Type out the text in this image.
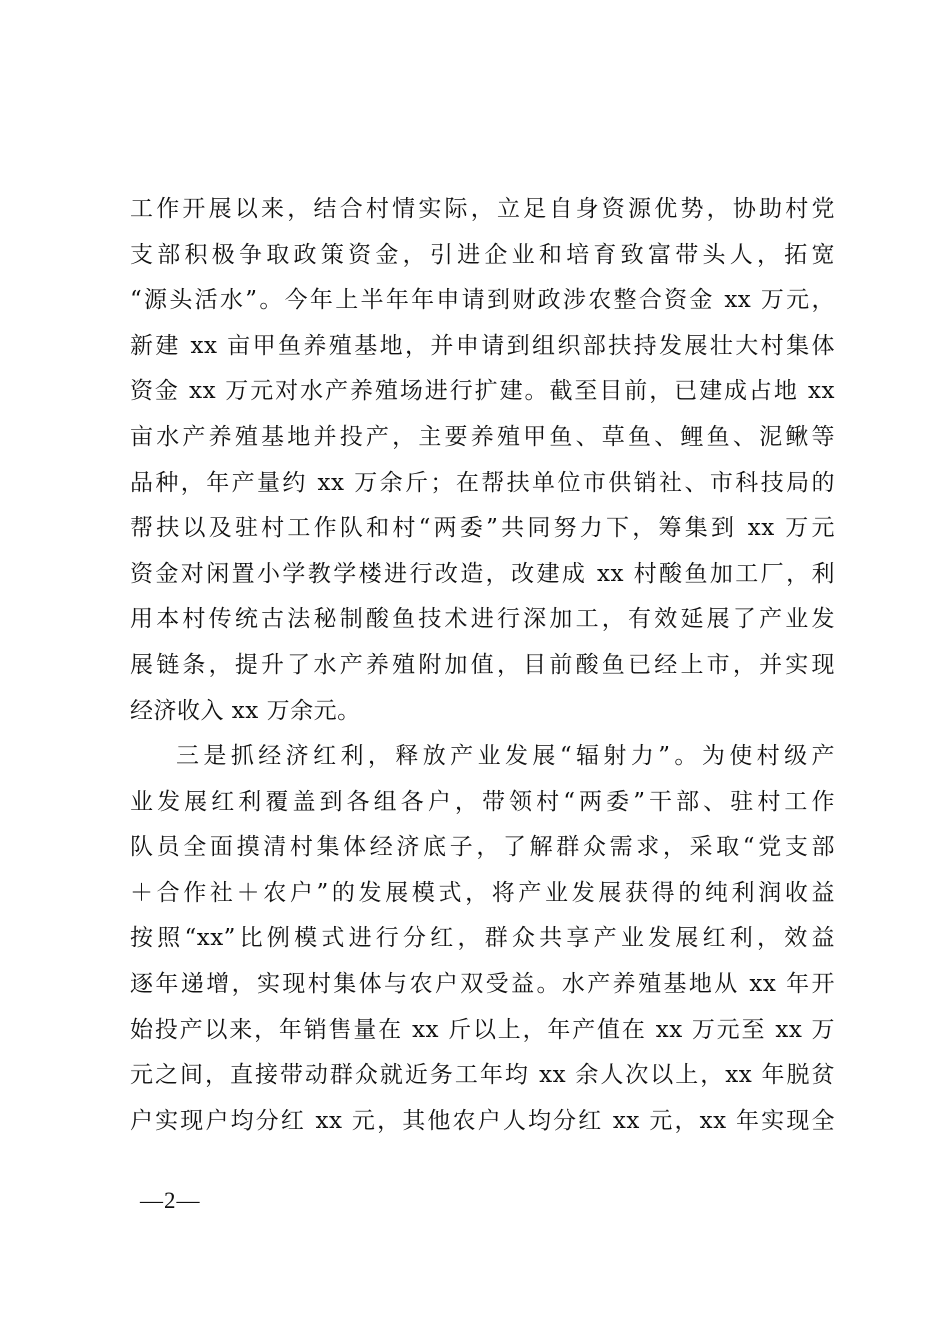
工作开展以来，结合村情实际，立足自身资源优势，协助村党
支部积极争取政策资金，引进企业和培育致富带头人，拓宽
“源头活水”。今年上半年年申请到财政涉农整合资金 xx 万元，
新建 xx 亩甲鱼养殖基地，并申请到组织部扶持发展壮大村集体
资金 xx 万元对水产养殖场进行扩建。截至目前，已建成占地 xx
亩水产养殖基地并投产，主要养殖甲鱼、草鱼、鲤鱼、泥鳅等
品种，年产量约 xx 万余斤；在帮扶单位市供销社、市科技局的
帮扶以及驻村工作队和村“两委”共同努力下，筹集到 xx 万元
资金对闲置小学教学楼进行改造，改建成 xx 村酸鱼加工厂，利
用本村传统古法秘制酸鱼技术进行深加工，有效延展了产业发
展链条，提升了水产养殖附加值，目前酸鱼已经上市，并实现
经济收入 xx 万余元。
三是抓经济红利，释放产业发展“辐射力”。为使村级产
业发展红利覆盖到各组各户，带领村“两委”干部、驻村工作
队员全面摸清村集体经济底子，了解群众需求，采取“党支部
＋合作社＋农户”的发展模式，将产业发展获得的纯利润收益
按照“xx”比例模式进行分红，群众共享产业发展红利，效益
逐年递增，实现村集体与农户双受益。水产养殖基地从 xx 年开
始投产以来，年销售量在 xx 斤以上，年产值在 xx 万元至 xx 万
元之间，直接带动群众就近务工年均 xx 余人次以上，xx 年脱贫
户实现户均分红 xx 元，其他农户人均分红 xx 元，xx 年实现全
—2—
